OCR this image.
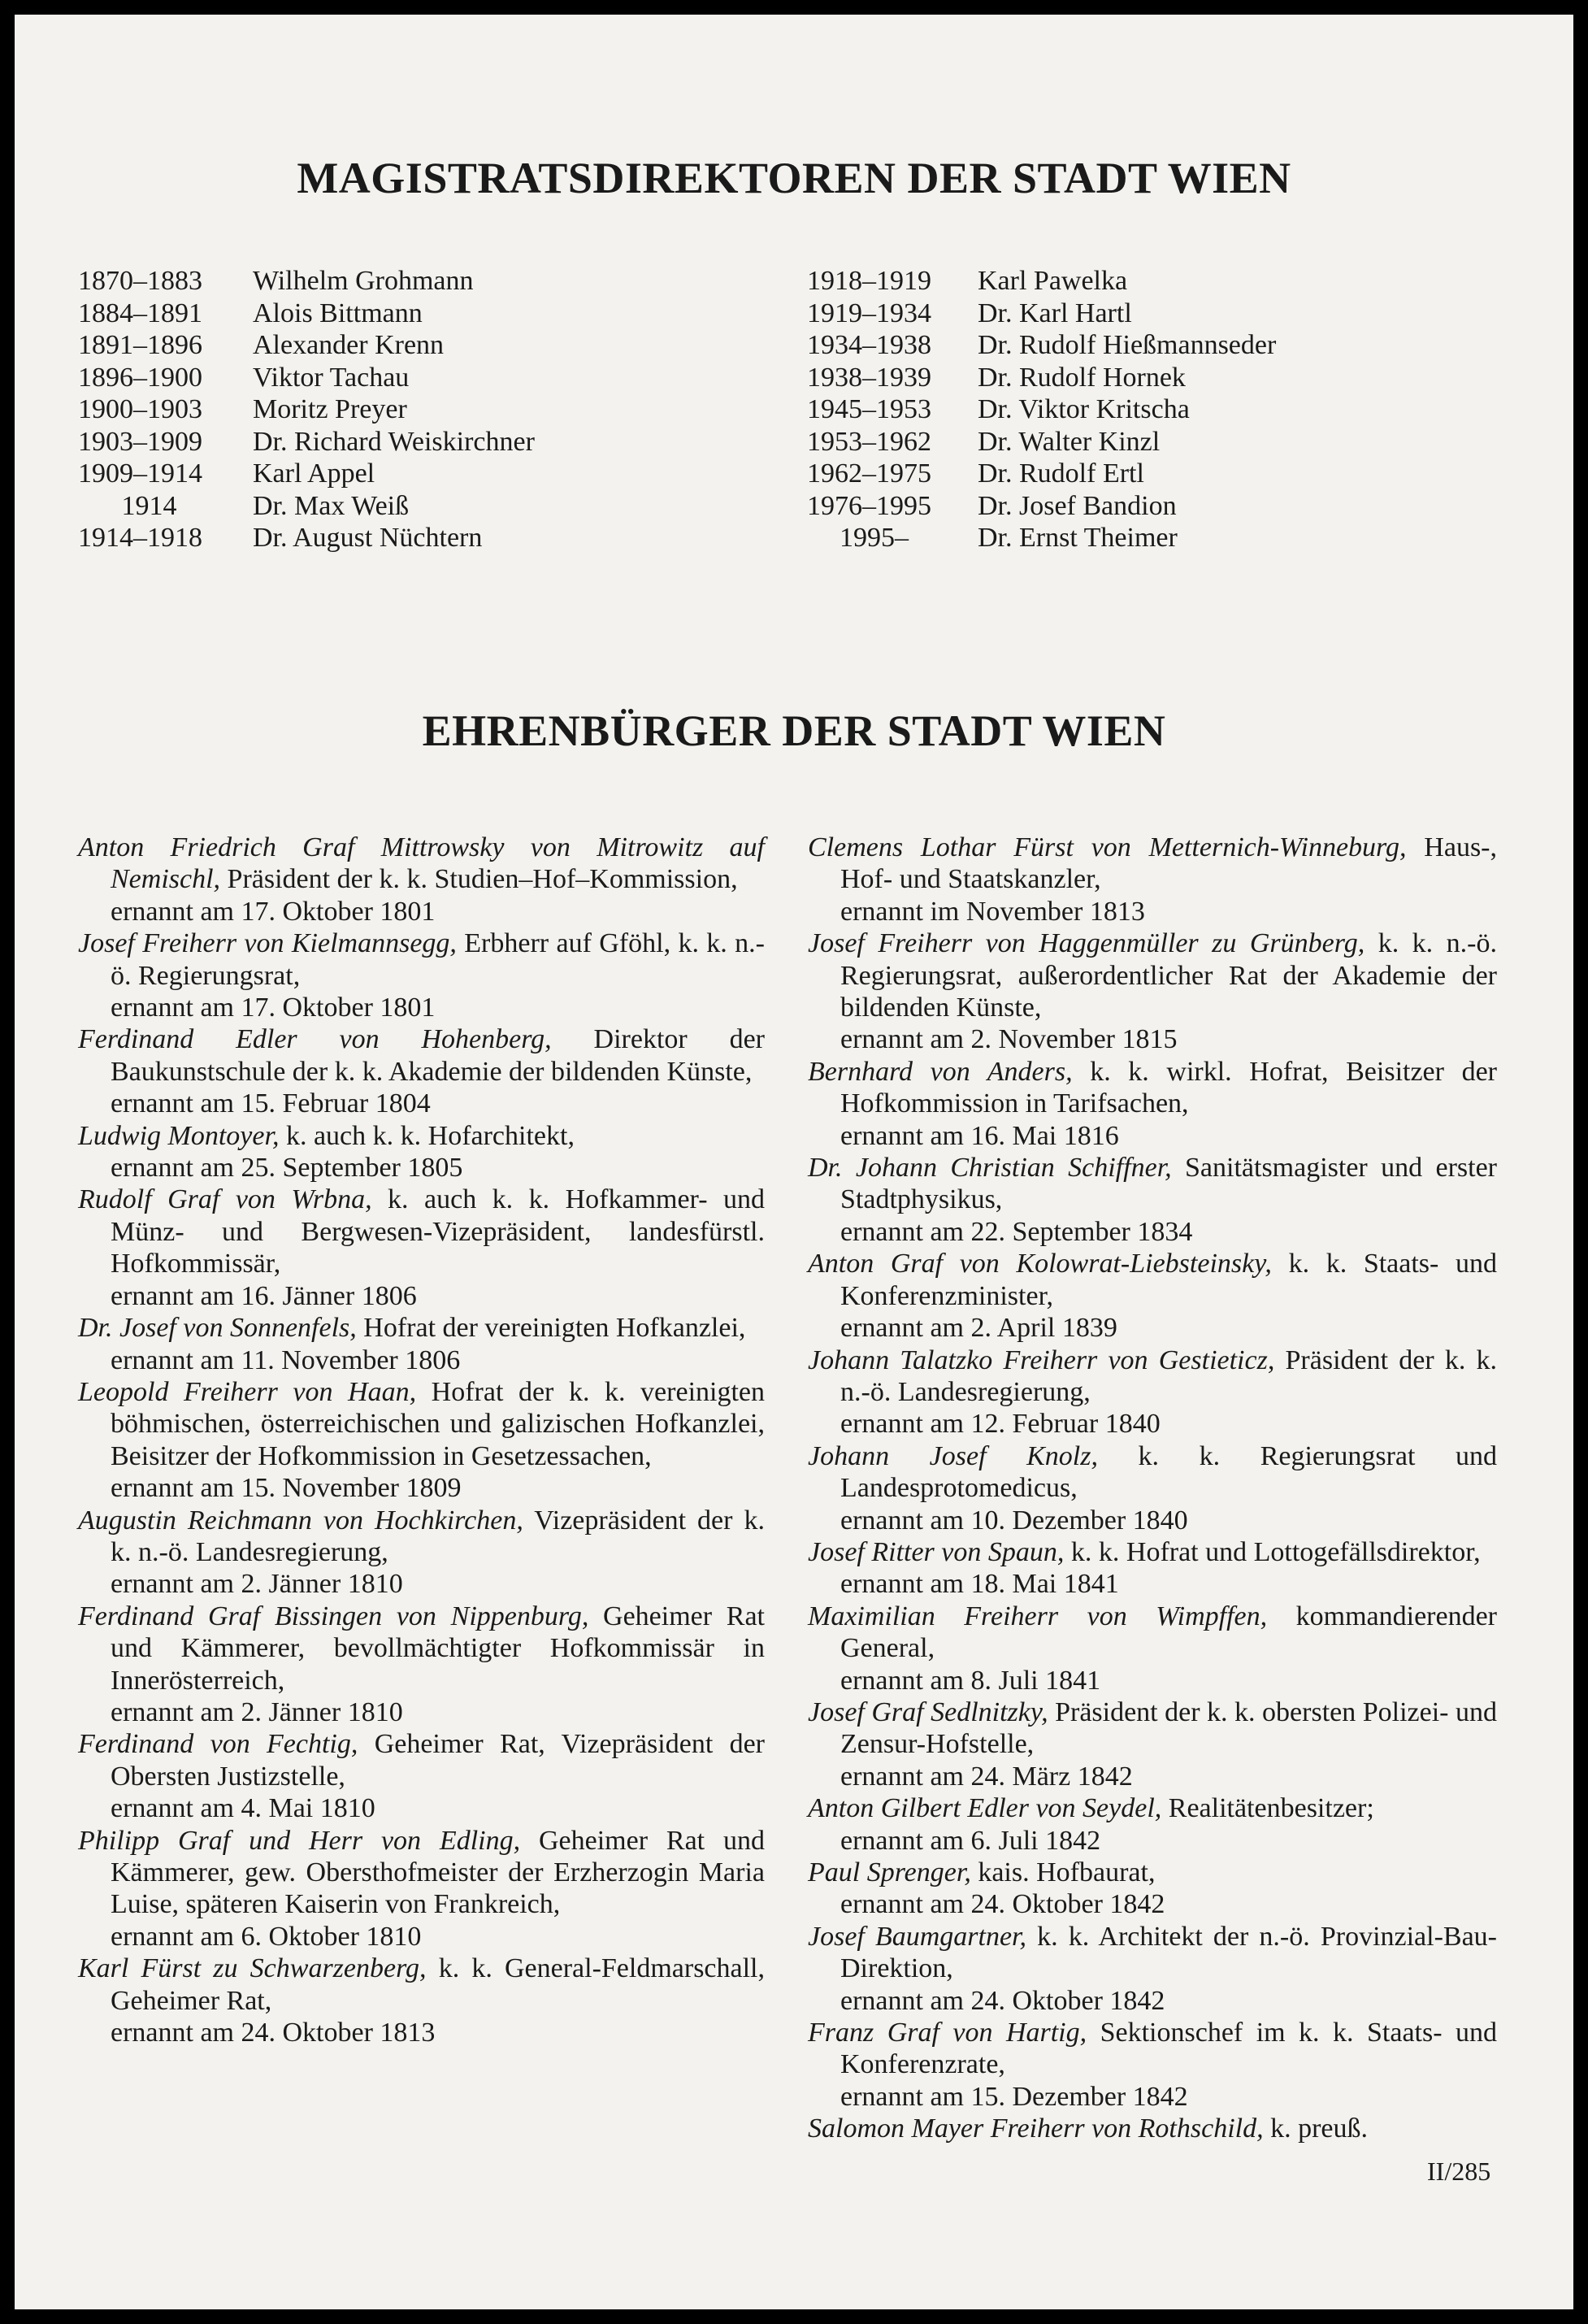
MAGISTRATSDIREKTOREN DER STADT WIEN
1870–1883	Wilhelm Grohmann
1884–1891	Alois Bittmann
1891–1896	Alexander Krenn
1896–1900	Viktor Tachau
1900–1903	Moritz Preyer
1903–1909	Dr. Richard Weiskirchner
1909–1914	Karl Appel
1914	Dr. Max Weiß
1914–1918	Dr. August Nüchtern
1918–1919	Karl Pawelka
1919–1934	Dr. Karl Hartl
1934–1938	Dr. Rudolf Hießmannseder
1938–1939	Dr. Rudolf Hornek
1945–1953	Dr. Viktor Kritscha
1953–1962	Dr. Walter Kinzl
1962–1975	Dr. Rudolf Ertl
1976–1995	Dr. Josef Bandion
1995–	Dr. Ernst Theimer
EHRENBÜRGER DER STADT WIEN
Anton Friedrich Graf Mittrowsky von Mitrowitz auf Nemischl, Präsident der k. k. Studien–Hof–Kommission,
ernannt am 17. Oktober 1801
Josef Freiherr von Kielmannsegg, Erbherr auf Gföhl, k. k. n.-ö. Regierungsrat,
ernannt am 17. Oktober 1801
Ferdinand Edler von Hohenberg, Direktor der Baukunstschule der k. k. Akademie der bildenden Künste,
ernannt am 15. Februar 1804
Ludwig Montoyer, k. auch k. k. Hofarchitekt,
ernannt am 25. September 1805
Rudolf Graf von Wrbna, k. auch k. k. Hofkammer- und Münz- und Bergwesen-Vizepräsident, landesfürstl. Hofkommissär,
ernannt am 16. Jänner 1806
Dr. Josef von Sonnenfels, Hofrat der vereinigten Hofkanzlei,
ernannt am 11. November 1806
Leopold Freiherr von Haan, Hofrat der k. k. vereinigten böhmischen, österreichischen und galizischen Hofkanzlei, Beisitzer der Hofkommission in Gesetzessachen,
ernannt am 15. November 1809
Augustin Reichmann von Hochkirchen, Vizepräsident der k. k. n.-ö. Landesregierung,
ernannt am 2. Jänner 1810
Ferdinand Graf Bissingen von Nippenburg, Geheimer Rat und Kämmerer, bevollmächtigter Hofkommissär in Innerösterreich,
ernannt am 2. Jänner 1810
Ferdinand von Fechtig, Geheimer Rat, Vizepräsident der Obersten Justizstelle,
ernannt am 4. Mai 1810
Philipp Graf und Herr von Edling, Geheimer Rat und Kämmerer, gew. Obersthofmeister der Erzherzogin Maria Luise, späteren Kaiserin von Frankreich,
ernannt am 6. Oktober 1810
Karl Fürst zu Schwarzenberg, k. k. General-Feldmarschall, Geheimer Rat,
ernannt am 24. Oktober 1813
Clemens Lothar Fürst von Metternich-Winneburg, Haus-, Hof- und Staatskanzler,
ernannt im November 1813
Josef Freiherr von Haggenmüller zu Grünberg, k. k. n.-ö. Regierungsrat, außerordentlicher Rat der Akademie der bildenden Künste,
ernannt am 2. November 1815
Bernhard von Anders, k. k. wirkl. Hofrat, Beisitzer der Hofkommission in Tarifsachen,
ernannt am 16. Mai 1816
Dr. Johann Christian Schiffner, Sanitätsmagister und erster Stadtphysikus,
ernannt am 22. September 1834
Anton Graf von Kolowrat-Liebsteinsky, k. k. Staats- und Konferenzminister,
ernannt am 2. April 1839
Johann Talatzko Freiherr von Gestieticz, Präsident der k. k. n.-ö. Landesregierung,
ernannt am 12. Februar 1840
Johann Josef Knolz, k. k. Regierungsrat und Landesprotomedicus,
ernannt am 10. Dezember 1840
Josef Ritter von Spaun, k. k. Hofrat und Lottogefällsdirektor,
ernannt am 18. Mai 1841
Maximilian Freiherr von Wimpffen, kommandierender General,
ernannt am 8. Juli 1841
Josef Graf Sedlnitzky, Präsident der k. k. obersten Polizei- und Zensur-Hofstelle,
ernannt am 24. März 1842
Anton Gilbert Edler von Seydel, Realitätenbesitzer;
ernannt am 6. Juli 1842
Paul Sprenger, kais. Hofbaurat,
ernannt am 24. Oktober 1842
Josef Baumgartner, k. k. Architekt der n.-ö. Provinzial-Bau-Direktion,
ernannt am 24. Oktober 1842
Franz Graf von Hartig, Sektionschef im k. k. Staats- und Konferenzrate,
ernannt am 15. Dezember 1842
Salomon Mayer Freiherr von Rothschild, k. preuß.
II/285
